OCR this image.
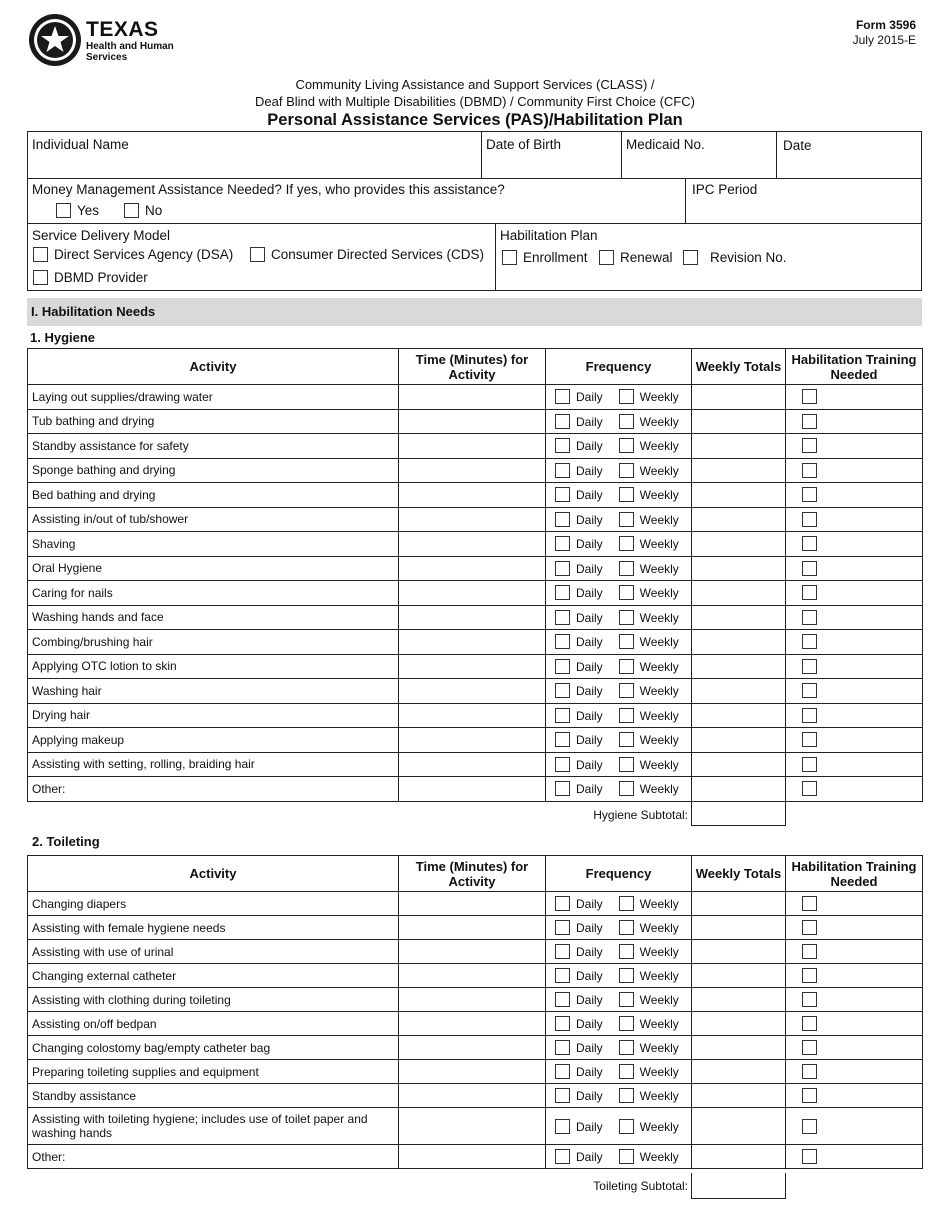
TEXAS
Health and Human Services
Form 3596
July 2015-E
Community Living Assistance and Support Services (CLASS) /
Deaf Blind with Multiple Disabilities (DBMD) / Community First Choice (CFC)
Personal Assistance Services (PAS)/Habilitation Plan
Individual Name	Date of Birth	Medicaid No.	Date
Money Management Assistance Needed? If yes, who provides this assistance?
Yes	No
IPC Period
Service Delivery Model
Direct Services Agency (DSA)	Consumer Directed Services (CDS)
DBMD Provider
Habilitation Plan
Enrollment	Renewal	Revision No.
I. Habilitation Needs
1. Hygiene
Activity	Time (Minutes) for Activity	Frequency	Weekly Totals	Habilitation Training Needed
Laying out supplies/drawing water		Daily Weekly		
Tub bathing and drying		Daily Weekly		
Standby assistance for safety		Daily Weekly		
Sponge bathing and drying		Daily Weekly		
Bed bathing and drying		Daily Weekly		
Assisting in/out of tub/shower		Daily Weekly		
Shaving		Daily Weekly		
Oral Hygiene		Daily Weekly		
Caring for nails		Daily Weekly		
Washing hands and face		Daily Weekly		
Combing/brushing hair		Daily Weekly		
Applying OTC lotion to skin		Daily Weekly		
Washing hair		Daily Weekly		
Drying hair		Daily Weekly		
Applying makeup		Daily Weekly		
Assisting with setting, rolling, braiding hair		Daily Weekly		
Other:		Daily Weekly		
Hygiene Subtotal:
2. Toileting
Activity	Time (Minutes) for Activity	Frequency	Weekly Totals	Habilitation Training Needed
Changing diapers		Daily Weekly		
Assisting with female hygiene needs		Daily Weekly		
Assisting with use of urinal		Daily Weekly		
Changing external catheter		Daily Weekly		
Assisting with clothing during toileting		Daily Weekly		
Assisting on/off bedpan		Daily Weekly		
Changing colostomy bag/empty catheter bag		Daily Weekly		
Preparing toileting supplies and equipment		Daily Weekly		
Standby assistance		Daily Weekly		
Assisting with toileting hygiene; includes use of toilet paper and washing hands		Daily Weekly		
Other:		Daily Weekly		
Toileting Subtotal:
